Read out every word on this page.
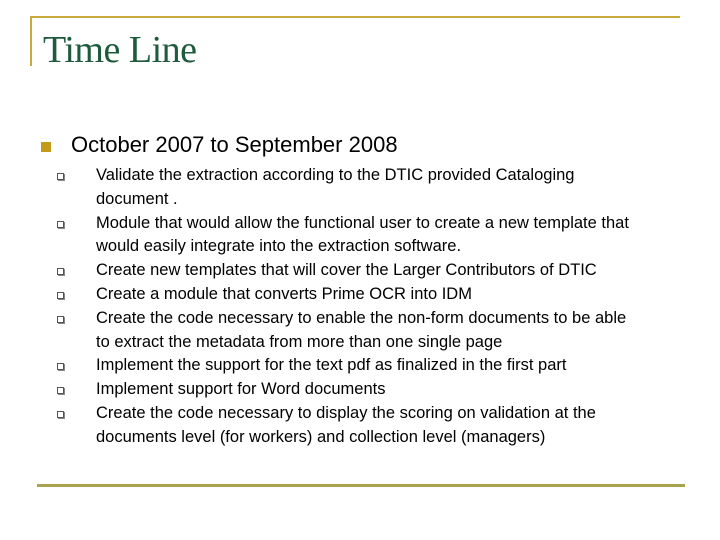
Time Line
October 2007 to September 2008
Validate the extraction according to the DTIC provided Cataloging
document .
Module that would allow the functional user to create a new template that
would easily integrate into the extraction software.
Create new templates that will cover the Larger Contributors of DTIC
Create a module that converts Prime OCR into IDM
Create the code necessary to enable the non-form documents to be able
to extract the metadata from more than one single page
Implement the support for the text pdf as finalized in the first part
Implement support for Word documents
Create the code necessary to display the scoring on validation at the
documents level (for workers) and collection level (managers)
